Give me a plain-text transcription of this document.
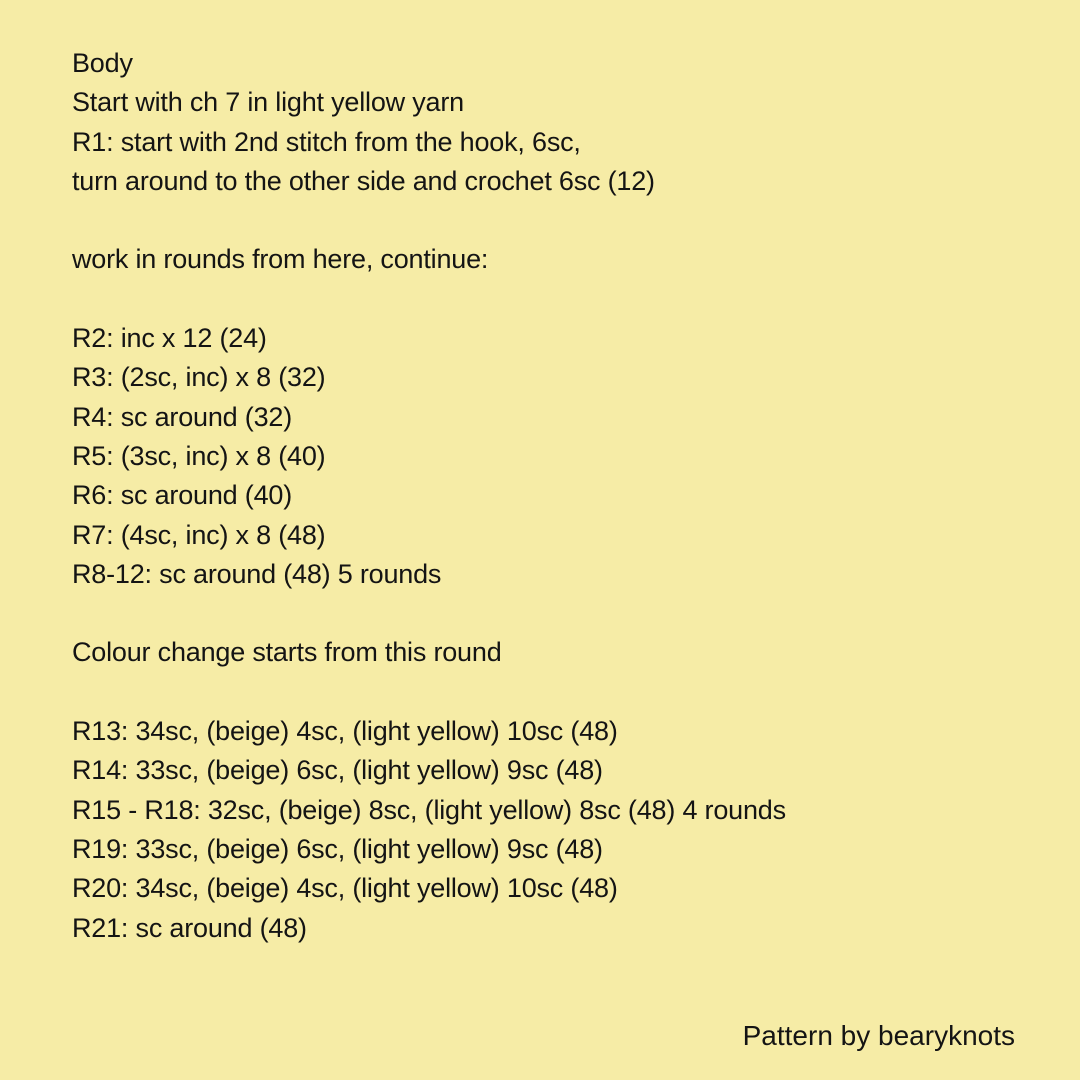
Body
Start with ch 7 in light yellow yarn
R1: start with 2nd stitch from the hook, 6sc,
turn around to the other side and crochet 6sc (12)
work in rounds from here, continue:
R2: inc x 12 (24)
R3: (2sc, inc) x 8 (32)
R4: sc around (32)
R5: (3sc, inc) x 8 (40)
R6: sc around (40)
R7: (4sc, inc) x 8 (48)
R8-12: sc around (48) 5 rounds
Colour change starts from this round
R13: 34sc, (beige) 4sc, (light yellow) 10sc (48)
R14: 33sc, (beige) 6sc, (light yellow) 9sc (48)
R15 - R18: 32sc, (beige) 8sc, (light yellow) 8sc (48) 4 rounds
R19: 33sc, (beige) 6sc, (light yellow) 9sc (48)
R20: 34sc, (beige) 4sc, (light yellow) 10sc (48)
R21: sc around (48)
Pattern by bearyknots
